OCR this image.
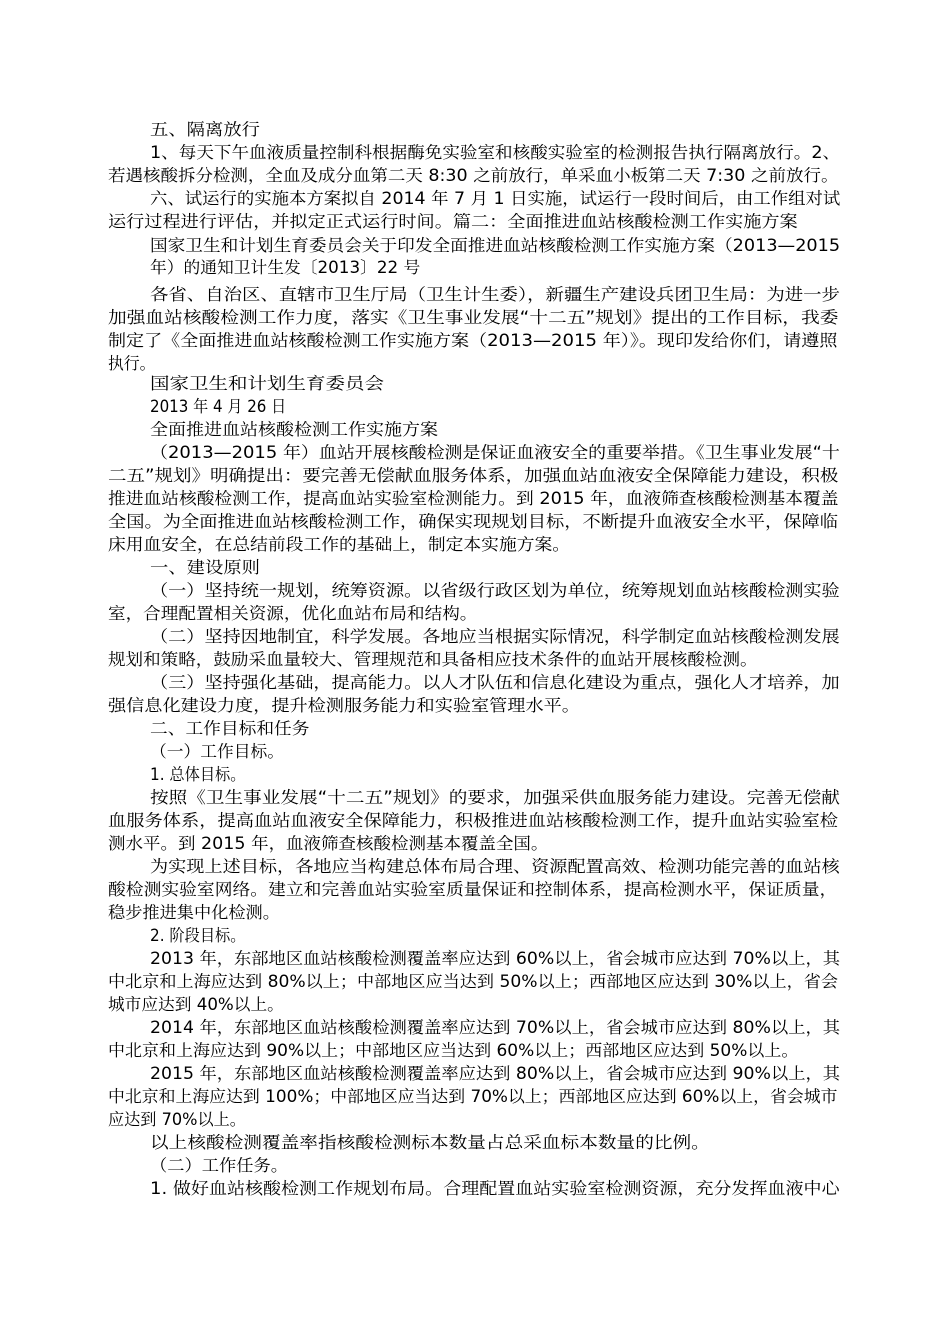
五、隔离放行

1、每天下午血液质量控制科根据酶免实验室和核酸实验室的检测报告执行隔离放行。2、

若遇核酸拆分检测，全血及成分血第二天 8:30 之前放行，单采血小板第二天 7:30 之前放行。

六、试运行的实施本方案拟自 2014 年 7 月 1 日实施，试运行一段时间后，由工作组对试

运行过程进行评估，并拟定正式运行时间。篇二：全面推进血站核酸检测工作实施方案

国家卫生和计划生育委员会关于印发全面推进血站核酸检测工作实施方案（2013—2015

年）的通知卫计生发〔2013〕22 号

各省、自治区、直辖市卫生厅局（卫生计生委），新疆生产建设兵团卫生局：为进一步

加强血站核酸检测工作力度，落实《卫生事业发展“十二五”规划》提出的工作目标，我委

制定了《全面推进血站核酸检测工作实施方案（2013—2015 年）》。现印发给你们，请遵照

执行。

国家卫生和计划生育委员会

2013 年 4 月 26 日

全面推进血站核酸检测工作实施方案

（2013—2015 年）血站开展核酸检测是保证血液安全的重要举措。《卫生事业发展“十

二五”规划》明确提出：要完善无偿献血服务体系，加强血站血液安全保障能力建设，积极

推进血站核酸检测工作，提高血站实验室检测能力。到 2015 年，血液筛查核酸检测基本覆盖

全国。为全面推进血站核酸检测工作，确保实现规划目标，不断提升血液安全水平，保障临

床用血安全，在总结前段工作的基础上，制定本实施方案。

一、建设原则

（一）坚持统一规划，统筹资源。以省级行政区划为单位，统筹规划血站核酸检测实验

室，合理配置相关资源，优化血站布局和结构。

（二）坚持因地制宜，科学发展。各地应当根据实际情况，科学制定血站核酸检测发展

规划和策略，鼓励采血量较大、管理规范和具备相应技术条件的血站开展核酸检测。

（三）坚持强化基础，提高能力。以人才队伍和信息化建设为重点，强化人才培养，加

强信息化建设力度，提升检测服务能力和实验室管理水平。

二、工作目标和任务

（一）工作目标。

1. 总体目标。

按照《卫生事业发展“十二五”规划》的要求，加强采供血服务能力建设。完善无偿献

血服务体系，提高血站血液安全保障能力，积极推进血站核酸检测工作，提升血站实验室检

测水平。到 2015 年，血液筛查核酸检测基本覆盖全国。

为实现上述目标，各地应当构建总体布局合理、资源配置高效、检测功能完善的血站核

酸检测实验室网络。建立和完善血站实验室质量保证和控制体系，提高检测水平，保证质量，

稳步推进集中化检测。

2. 阶段目标。

2013 年，东部地区血站核酸检测覆盖率应达到 60%以上，省会城市应达到 70%以上，其

中北京和上海应达到 80%以上；中部地区应当达到 50%以上；西部地区应达到 30%以上，省会

城市应达到 40%以上。

2014 年，东部地区血站核酸检测覆盖率应达到 70%以上，省会城市应达到 80%以上，其

中北京和上海应达到 90%以上；中部地区应当达到 60%以上；西部地区应达到 50%以上。

2015 年，东部地区血站核酸检测覆盖率应达到 80%以上，省会城市应达到 90%以上，其

中北京和上海应达到 100%；中部地区应当达到 70%以上；西部地区应达到 60%以上，省会城市

应达到 70%以上。

以上核酸检测覆盖率指核酸检测标本数量占总采血标本数量的比例。

（二）工作任务。

1. 做好血站核酸检测工作规划布局。合理配置血站实验室检测资源，充分发挥血液中心
